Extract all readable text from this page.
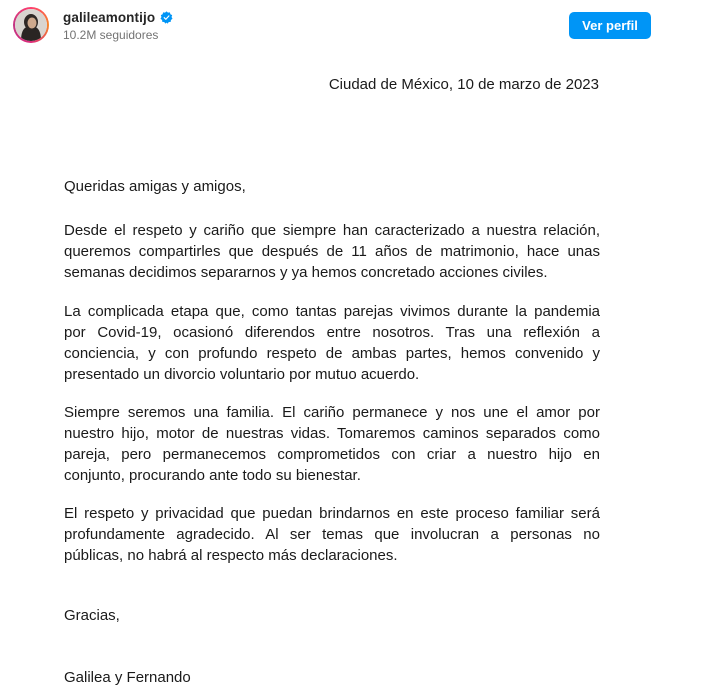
galileamontijo
10.2M seguidores
Ver perfil
Ciudad de México, 10 de marzo de 2023

Queridas amigas y amigos,

Desde el respeto y cariño que siempre han caracterizado a nuestra relación,
queremos compartirles que después de 11 años de matrimonio, hace unas
semanas decidimos separarnos y ya hemos concretado acciones civiles.

La complicada etapa que, como tantas parejas vivimos durante la pandemia
por Covid-19, ocasionó diferendos entre nosotros. Tras una reflexión a
conciencia, y con profundo respeto de ambas partes, hemos convenido y
presentado un divorcio voluntario por mutuo acuerdo.

Siempre seremos una familia. El cariño permanece y nos une el amor por
nuestro hijo, motor de nuestras vidas. Tomaremos caminos separados como
pareja, pero permanecemos comprometidos con criar a nuestro hijo en
conjunto, procurando ante todo su bienestar.

El respeto y privacidad que puedan brindarnos en este proceso familiar será
profundamente agradecido. Al ser temas que involucran a personas no
públicas, no habrá al respecto más declaraciones.

Gracias,

Galilea y Fernando
